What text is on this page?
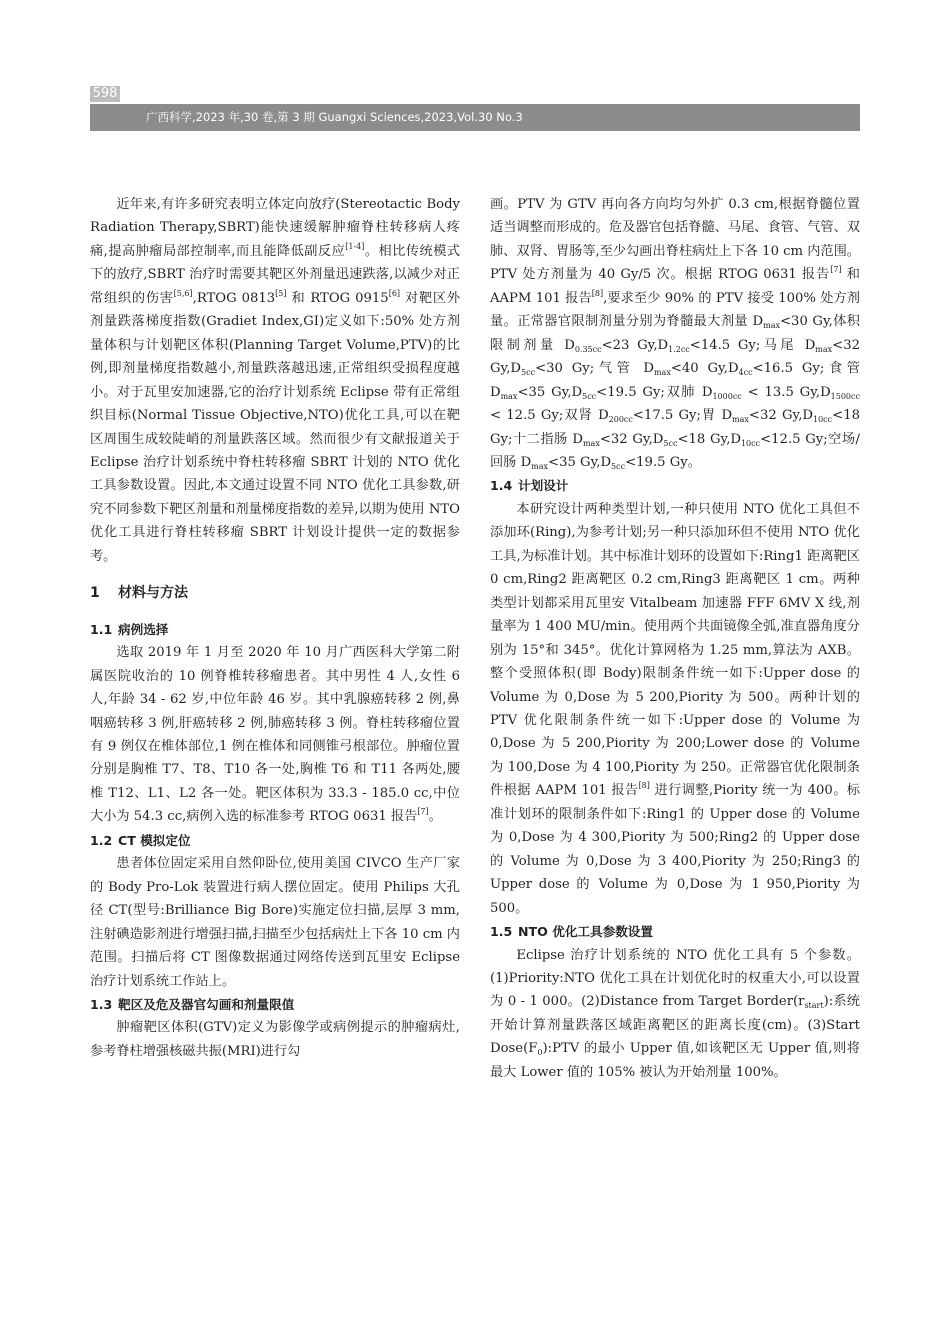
598
广西科学,2023 年,30 卷,第 3 期 Guangxi Sciences,2023,Vol.30 No.3

近年来,有许多研究表明立体定向放疗(Stereotactic Body Radiation Therapy,SBRT)能快速缓解肿瘤脊柱转移病人疼痛,提高肿瘤局部控制率,而且能降低副反应[1-4]。相比传统模式下的放疗,SBRT 治疗时需要其靶区外剂量迅速跌落,以减少对正常组织的伤害[5,6],RTOG 0813[5] 和 RTOG 0915[6] 对靶区外剂量跌落梯度指数(Gradiet Index,GI)定义如下:50% 处方剂量体积与计划靶区体积(Planning Target Volume,PTV)的比例,即剂量梯度指数越小,剂量跌落越迅速,正常组织受损程度越小。对于瓦里安加速器,它的治疗计划系统 Eclipse 带有正常组织目标(Normal Tissue Objective,NTO)优化工具,可以在靶区周围生成较陡峭的剂量跌落区域。然而很少有文献报道关于 Eclipse 治疗计划系统中脊柱转移瘤 SBRT 计划的 NTO 优化工具参数设置。因此,本文通过设置不同 NTO 优化工具参数,研究不同参数下靶区剂量和剂量梯度指数的差异,以期为使用 NTO 优化工具进行脊柱转移瘤 SBRT 计划设计提供一定的数据参考。

1 材料与方法
1.1 病例选择

选取 2019 年 1 月至 2020 年 10 月广西医科大学第二附属医院收治的 10 例脊椎转移瘤患者。其中男性 4 人,女性 6 人,年龄 34 - 62 岁,中位年龄 46 岁。其中乳腺癌转移 2 例,鼻咽癌转移 3 例,肝癌转移 2 例,肺癌转移 3 例。脊柱转移瘤位置有 9 例仅在椎体部位,1 例在椎体和同侧锥弓根部位。肿瘤位置分别是胸椎 T7、T8、T10 各一处,胸椎 T6 和 T11 各两处,腰椎 T12、L1、L2 各一处。靶区体积为 33.3 - 185.0 cc,中位大小为 54.3 cc,病例入选的标准参考 RTOG 0631 报告[7]。

1.2 CT 模拟定位

患者体位固定采用自然仰卧位,使用美国 CIVCO 生产厂家的 Body Pro-Lok 装置进行病人摆位固定。使用 Philips 大孔径 CT(型号:Brilliance Big Bore)实施定位扫描,层厚 3 mm,注射碘造影剂进行增强扫描,扫描至少包括病灶上下各 10 cm 内范围。扫描后将 CT 图像数据通过网络传送到瓦里安 Eclipse 治疗计划系统工作站上。

1.3 靶区及危及器官勾画和剂量限值

肿瘤靶区体积(GTV)定义为影像学或病例提示的肿瘤病灶,参考脊柱增强核磁共振(MRI)进行勾

画。PTV 为 GTV 再向各方向均匀外扩 0.3 cm,根据脊髓位置适当调整而形成的。危及器官包括脊髓、马尾、食管、气管、双肺、双肾、胃肠等,至少勾画出脊柱病灶上下各 10 cm 内范围。PTV 处方剂量为 40 Gy/5 次。根据 RTOG 0631 报告[7] 和 AAPM 101 报告[8],要求至少 90% 的 PTV 接受 100% 处方剂量。正常器官限制剂量分别为脊髓最大剂量 $D_{max}<30$ Gy,体积限制剂量 $D_{0.35cc}<23$ $Gy,D_{1.2cc}<14.5$ Gy;马尾 $D_{max}<32$ $Gy,D_{5cc}<30$ Gy;气管 $D_{max}<40$ $Gy,D_{4cc}<16.5$ Gy;食管 $D_{max}<35$ $Gy,D_{5cc}<19.5$ Gy;双肺 $D_{1000cc} < 13.5$ $Gy,D_{1500cc} < 12.5$ Gy;双肾 $D_{200cc}<17.5$ Gy;胃 $D_{max}<32$ $Gy,D_{10cc}<18$ Gy;十二指肠 $D_{max}<32$ $Gy,D_{5cc}<18$ $Gy,D_{10cc}<12.5$ Gy;空场/回肠 $D_{max}<35$ $Gy,D_{5cc}<19.5$ Gy。

1.4 计划设计

本研究设计两种类型计划,一种只使用 NTO 优化工具但不添加环(Ring),为参考计划;另一种只添加环但不使用 NTO 优化工具,为标准计划。其中标准计划环的设置如下:Ring1 距离靶区 0 cm,Ring2 距离靶区 0.2 cm,Ring3 距离靶区 1 cm。两种类型计划都采用瓦里安 Vitalbeam 加速器 FFF 6MV X 线,剂量率为 1 400 MU/min。使用两个共面镜像全弧,准直器角度分别为 15°和 345°。优化计算网格为 1.25 mm,算法为 AXB。整个受照体积(即 Body)限制条件统一如下:Upper dose 的 Volume 为 0,Dose 为 5 200,Piority 为 500。两种计划的 PTV 优化限制条件统一如下:Upper dose 的 Volume 为 0,Dose 为 5 200,Piority 为 200;Lower dose 的 Volume 为 100,Dose 为 4 100,Piority 为 250。正常器官优化限制条件根据 AAPM 101 报告[8] 进行调整,Piority 统一为 400。标准计划环的限制条件如下:Ring1 的 Upper dose 的 Volume 为 0,Dose 为 4 300,Piority 为 500;Ring2 的 Upper dose 的 Volume 为 0,Dose 为 3 400,Piority 为 250;Ring3 的 Upper dose 的 Volume 为 0,Dose 为 1 950,Piority 为 500。

1.5 NTO 优化工具参数设置

Eclipse 治疗计划系统的 NTO 优化工具有 5 个参数。(1)Priority:NTO 优化工具在计划优化时的权重大小,可以设置为 0 - 1 000。(2)Distance from Target $Border(r_{start})$:系统开始计算剂量跌落区域距离靶区的距离长度(cm)。(3)Start $Dose(F_0):PTV$ 的最小 Upper 值,如该靶区无 Upper 值,则将最大 Lower 值的 105% 被认为开始剂量 100%。
